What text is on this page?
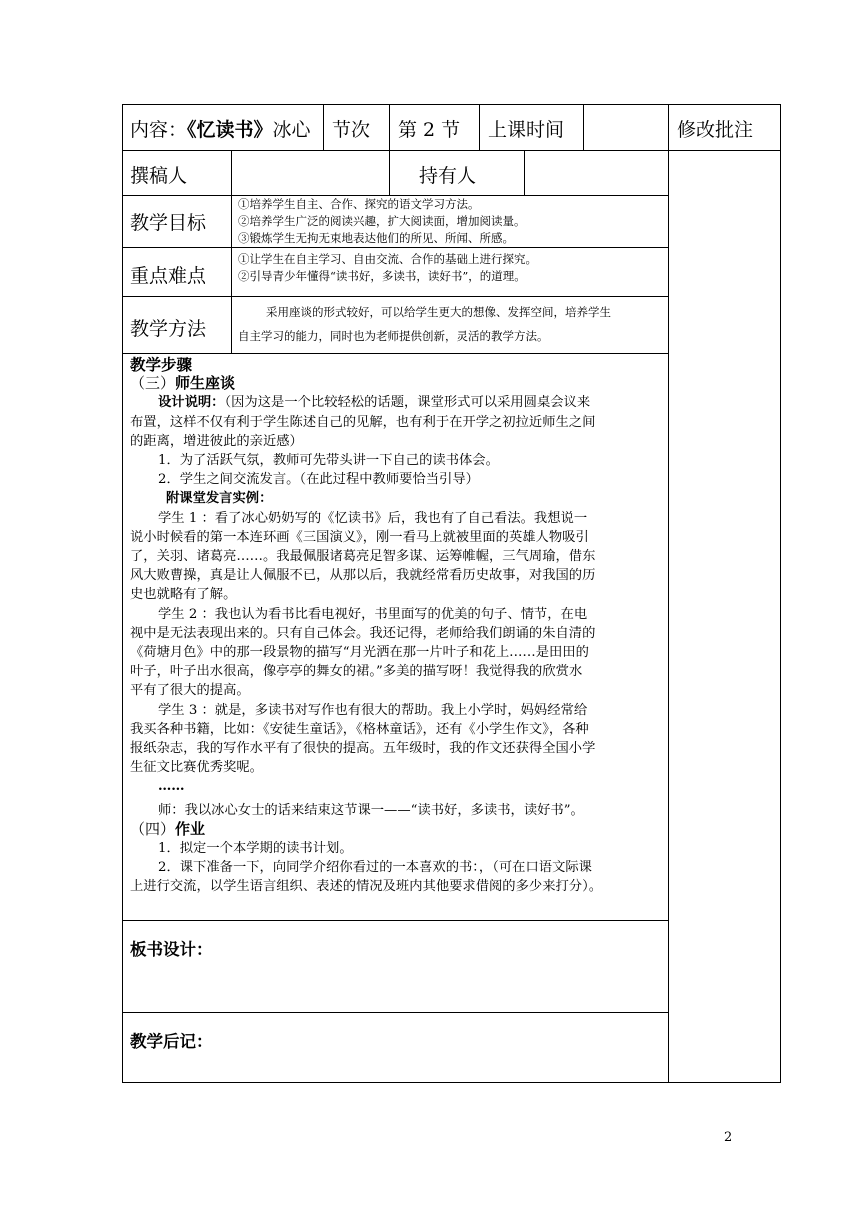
内容：《忆读书》冰心 节次 第 2 节 上课时间	修改批注
撰稿人	持有人
教学目标
①培养学生自主、合作、探究的语文学习方法。
②培养学生广泛的阅读兴趣，扩大阅读面，增加阅读量。
③锻炼学生无拘无束地表达他们的所见、所闻、所感。
重点难点
①让学生在自主学习、自由交流、合作的基础上进行探究。
②引导青少年懂得“读书好，多读书，读好书”，的道理。
教学方法
采用座谈的形式较好，可以给学生更大的想像、发挥空间，培养学生
自主学习的能力，同时也为老师提供创新，灵活的教学方法。

教学步骤

（三）师生座谈

设计说明：（因为这是一个比较轻松的话题，课堂形式可以采用圆桌会议来

布置，这样不仅有利于学生陈述自己的见解，也有利于在开学之初拉近师生之间

的距离，增进彼此的亲近感）

1．为了活跃气氛，教师可先带头讲一下自己的读书体会。

2．学生之间交流发言。（在此过程中教师要恰当引导）

附课堂发言实例：

学生 1 ：看了冰心奶奶写的《忆读书》后，我也有了自己看法。我想说一

说小时候看的第一本连环画《三国演义》，刚一看马上就被里面的英雄人物吸引

了，关羽、诸葛亮……。我最佩服诸葛亮足智多谋、运筹帷幄，三气周瑜，借东

风大败曹操，真是让人佩服不已，从那以后，我就经常看历史故事，对我国的历

史也就略有了解。

学生 2 ：我也认为看书比看电视好，书里面写的优美的句子、情节，在电

视中是无法表现出来的。只有自己体会。我还记得，老师给我们朗诵的朱自清的

《荷塘月色》中的那一段景物的描写“月光洒在那一片叶子和花上……是田田的

叶子，叶子出水很高，像亭亭的舞女的裙。”多美的描写呀！我觉得我的欣赏水

平有了很大的提高。

学生 3 ：就是，多读书对写作也有很大的帮助。我上小学时，妈妈经常给

我买各种书籍，比如：《安徒生童话》，《格林童话》，还有《小学生作文》，各种

报纸杂志，我的写作水平有了很快的提高。五年级时，我的作文还获得全国小学

生征文比赛优秀奖呢。

……

师：我以冰心女士的话来结束这节课一——“读书好，多读书，读好书”。

（四）作业

1．拟定一个本学期的读书计划。

2．课下准备一下，向同学介绍你看过的一本喜欢的书：，（可在口语文际课

上进行交流，以学生语言组织、表述的情况及班内其他要求借阅的多少来打分）。

板书设计：
教学后记：
2
